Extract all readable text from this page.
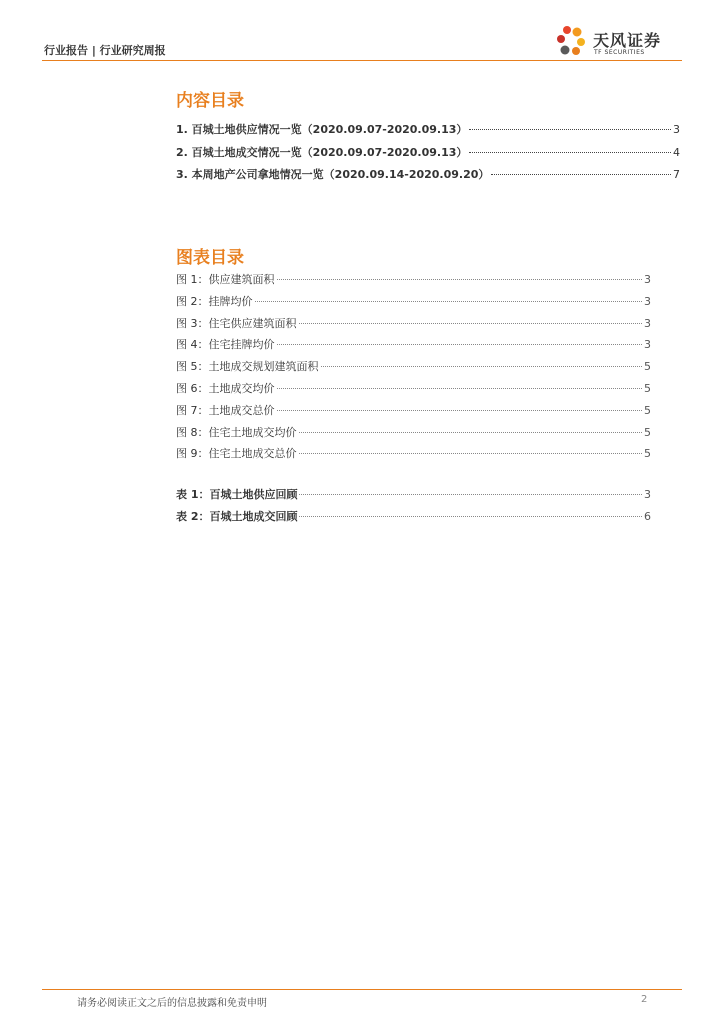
行业报告 | 行业研究周报
天风证券
TF SECURITIES
内容目录
1. 百城土地供应情况一览（2020.09.07-2020.09.13）	3
2. 百城土地成交情况一览（2020.09.07-2020.09.13）	4
3. 本周地产公司拿地情况一览（2020.09.14-2020.09.20）	7
图表目录
图 1：供应建筑面积	3
图 2：挂牌均价	3
图 3：住宅供应建筑面积	3
图 4：住宅挂牌均价	3
图 5：土地成交规划建筑面积	5
图 6：土地成交均价	5
图 7：土地成交总价	5
图 8：住宅土地成交均价	5
图 9：住宅土地成交总价	5
表 1：百城土地供应回顾	3
表 2：百城土地成交回顾	6
请务必阅读正文之后的信息披露和免责申明	2
